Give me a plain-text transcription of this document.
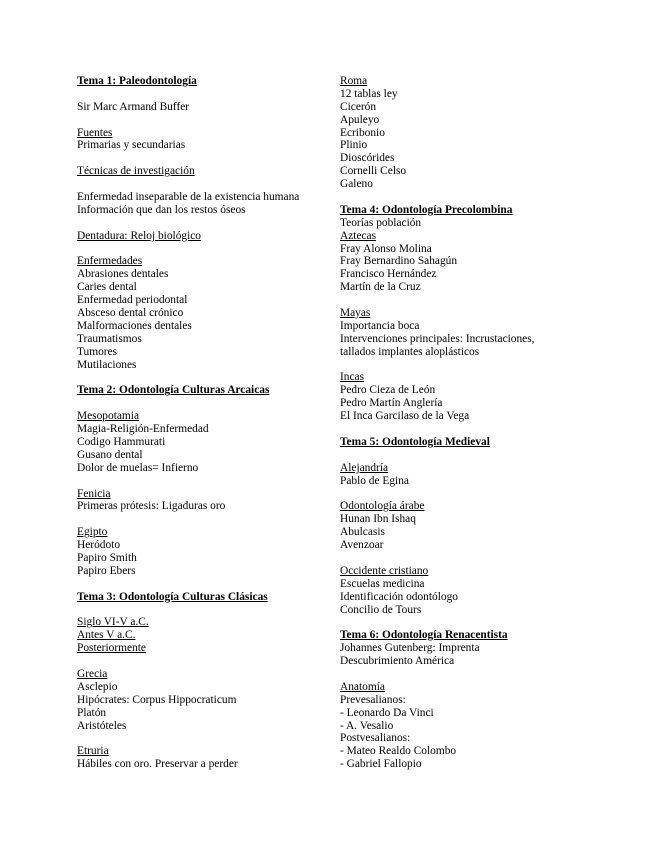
Tema 1: Paleodontología
Sir Marc Armand Buffer
Fuentes
Primarias y secundarias
Técnicas de investigación
Enfermedad inseparable de la existencia humana
Información que dan los restos óseos
Dentadura: Reloj biológico
Enfermedades
Abrasiones dentales
Caries dental
Enfermedad periodontal
Absceso dental crónico
Malformaciones dentales
Traumatismos
Tumores
Mutilaciones
Tema 2: Odontología Culturas Arcaicas
Mesopotamia
Magia-Religión-Enfermedad
Codigo Hammurati
Gusano dental
Dolor de muelas= Infierno
Fenicia
Primeras prótesis: Ligaduras oro
Egipto
Heródoto
Papiro Smith
Papiro Ebers
Tema 3: Odontología Culturas Clásicas
Siglo VI-V a.C.
Antes V a.C.
Posteriormente
Grecia
Asclepio
Hipócrates: Corpus Hippocraticum
Platón
Aristóteles
Etruria
Hábiles con oro. Preservar a perder
Roma
12 tablas ley
Cicerón
Apuleyo
Ecribonio
Plinio
Dioscórides
Cornelli Celso
Galeno
Tema 4: Odontología Precolombina
Teorías población
Aztecas
Fray Alonso Molina
Fray Bernardino Sahagún
Francisco Hernández
Martín de la Cruz
Mayas
Importancia boca
Intervenciones principales: Incrustaciones,
tallados implantes aloplásticos
Incas
Pedro Cieza de León
Pedro Martín Anglería
El Inca Garcilaso de la Vega
Tema 5: Odontología Medieval
Alejandría
Pablo de Egina
Odontología árabe
Hunan Ibn Ishaq
Abulcasis
Avenzoar
Occidente cristiano
Escuelas medicina
Identificación odontólogo
Concilio de Tours
Tema 6: Odontología Renacentista
Johannes Gutenberg: Imprenta
Descubrimiento América
Anatomía
Prevesalianos:
- Leonardo Da Vinci
- A. Vesalio
Postvesalianos:
- Mateo Realdo Colombo
- Gabriel Fallopio
